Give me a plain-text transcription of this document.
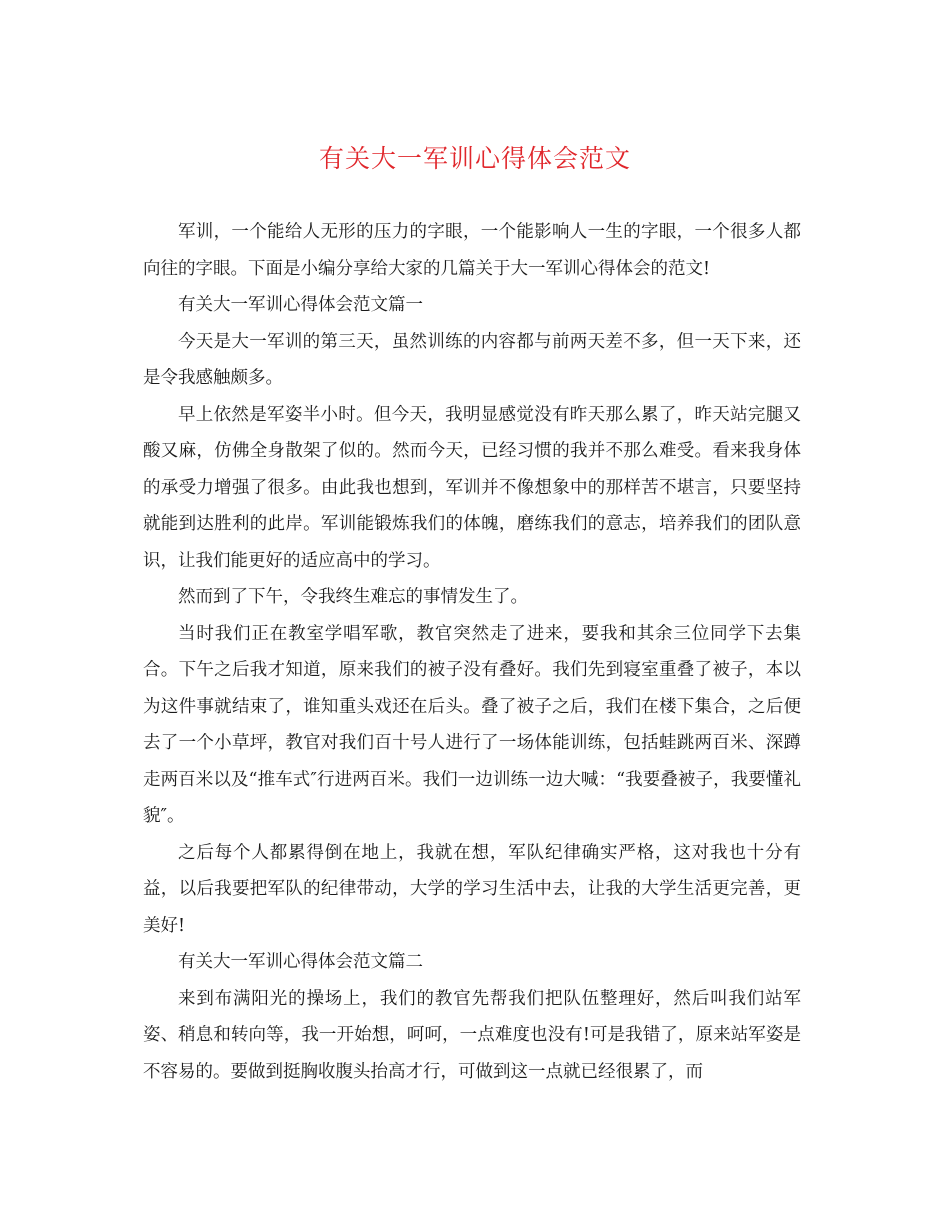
有关大一军训心得体会范文

军训，一个能给人无形的压力的字眼，一个能影响人一生的字眼，一个很多人都向往的字眼。下面是小编分享给大家的几篇关于大一军训心得体会的范文!

有关大一军训心得体会范文篇一

今天是大一军训的第三天，虽然训练的内容都与前两天差不多，但一天下来，还是令我感触颇多。

早上依然是军姿半小时。但今天，我明显感觉没有昨天那么累了，昨天站完腿又酸又麻，仿佛全身散架了似的。然而今天，已经习惯的我并不那么难受。看来我身体的承受力增强了很多。由此我也想到，军训并不像想象中的那样苦不堪言，只要坚持就能到达胜利的此岸。军训能锻炼我们的体魄，磨练我们的意志，培养我们的团队意识，让我们能更好的适应高中的学习。

然而到了下午，令我终生难忘的事情发生了。

当时我们正在教室学唱军歌，教官突然走了进来，要我和其余三位同学下去集合。下午之后我才知道，原来我们的被子没有叠好。我们先到寝室重叠了被子，本以为这件事就结束了，谁知重头戏还在后头。叠了被子之后，我们在楼下集合，之后便去了一个小草坪，教官对我们百十号人进行了一场体能训练，包括蛙跳两百米、深蹲走两百米以及“推车式″行进两百米。我们一边训练一边大喊：“我要叠被子，我要懂礼貌″。

之后每个人都累得倒在地上，我就在想，军队纪律确实严格，这对我也十分有益，以后我要把军队的纪律带动，大学的学习生活中去，让我的大学生活更完善，更美好!

有关大一军训心得体会范文篇二

来到布满阳光的操场上，我们的教官先帮我们把队伍整理好，然后叫我们站军姿、稍息和转向等，我一开始想，呵呵，一点难度也没有!可是我错了，原来站军姿是不容易的。要做到挺胸收腹头抬高才行，可做到这一点就已经很累了，而
